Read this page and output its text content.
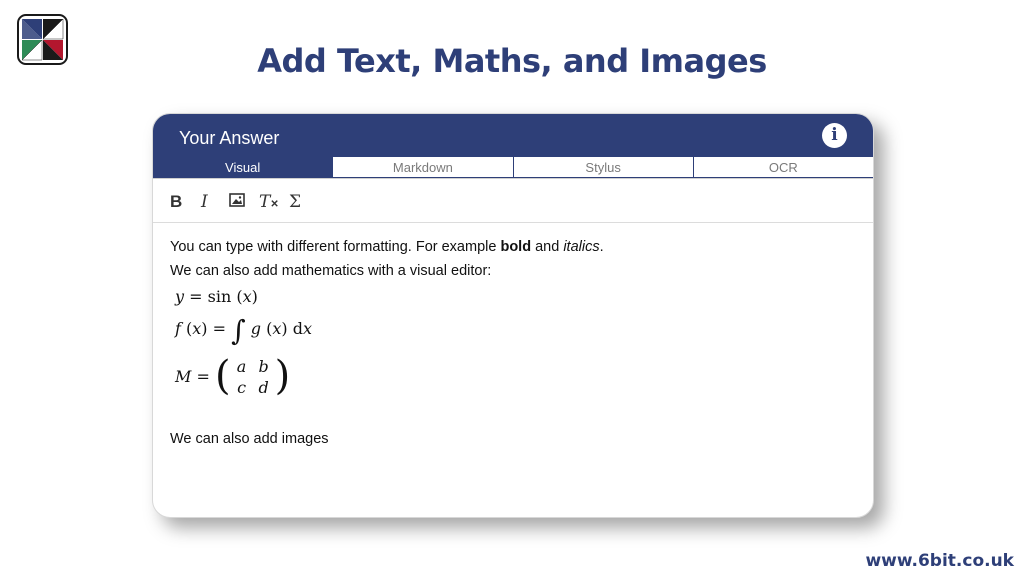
Add Text, Maths, and Images
Your Answer	i
Visual	Markdown	Stylus	OCR
B I	T✕ Σ

You can type with different formatting. For example bold and italics.

We can also add mathematics with a visual editor:

y = sin (x)
f (x) = ∫ g (x) dx
M = ( a b
c d )

We can also add images

www.6bit.co.uk
